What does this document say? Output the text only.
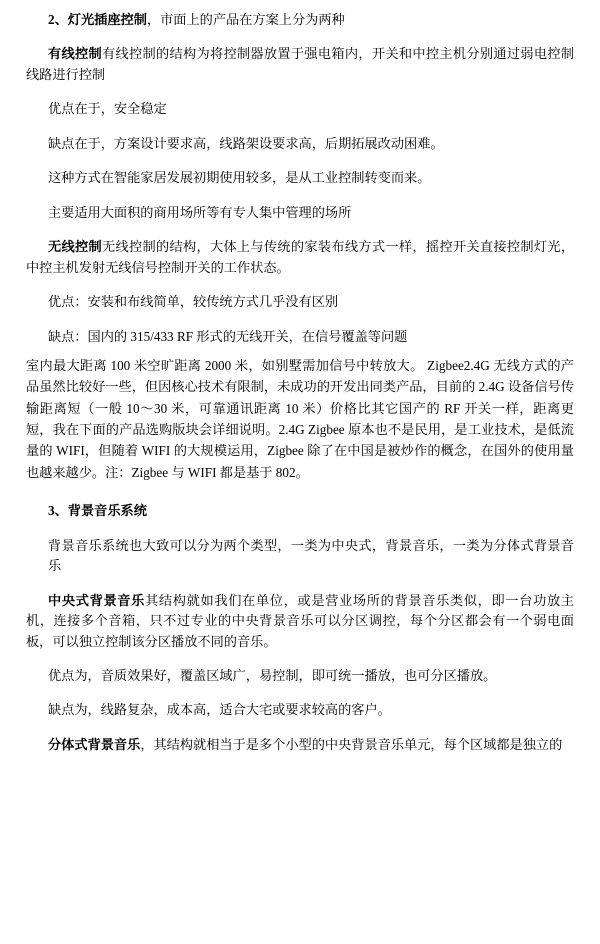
2、灯光插座控制，市面上的产品在方案上分为两种

有线控制有线控制的结构为将控制器放置于强电箱内，开关和中控主机分别通过弱电控制线路进行控制

优点在于，安全稳定

缺点在于，方案设计要求高，线路架设要求高，后期拓展改动困难。

这种方式在智能家居发展初期使用较多，是从工业控制转变而来。

主要适用大面积的商用场所等有专人集中管理的场所

无线控制无线控制的结构，大体上与传统的家装布线方式一样，摇控开关直接控制灯光，中控主机发射无线信号控制开关的工作状态。

优点：安装和布线简单，较传统方式几乎没有区别

缺点：国内的 315/433 RF 形式的无线开关，在信号覆盖等问题

室内最大距离 100 米空旷距离 2000 米，如别墅需加信号中转放大。 Zigbee2.4G 无线方式的产品虽然比较好一些，但因核心技术有限制，未成功的开发出同类产品，目前的 2.4G 设备信号传输距离短（一般 10～30 米，可靠通讯距离 10 米）价格比其它国产的 RF 开关一样，距离更短，我在下面的产品选购版块会详细说明。2.4G Zigbee 原本也不是民用，是工业技术，是低流量的 WIFI，但随着 WIFI 的大规模运用，Zigbee 除了在中国是被炒作的概念，在国外的使用量也越来越少。注：Zigbee 与 WIFI 都是基于 802。

3、背景音乐系统

背景音乐系统也大致可以分为两个类型，一类为中央式，背景音乐，一类为分体式背景音乐

中央式背景音乐其结构就如我们在单位，或是营业场所的背景音乐类似，即一台功放主机，连接多个音箱，只不过专业的中央背景音乐可以分区调控，每个分区都会有一个弱电面板，可以独立控制该分区播放不同的音乐。

优点为，音质效果好，覆盖区域广，易控制，即可统一播放，也可分区播放。

缺点为，线路复杂，成本高，适合大宅或要求较高的客户。

分体式背景音乐，其结构就相当于是多个小型的中央背景音乐单元，每个区域都是独立的
